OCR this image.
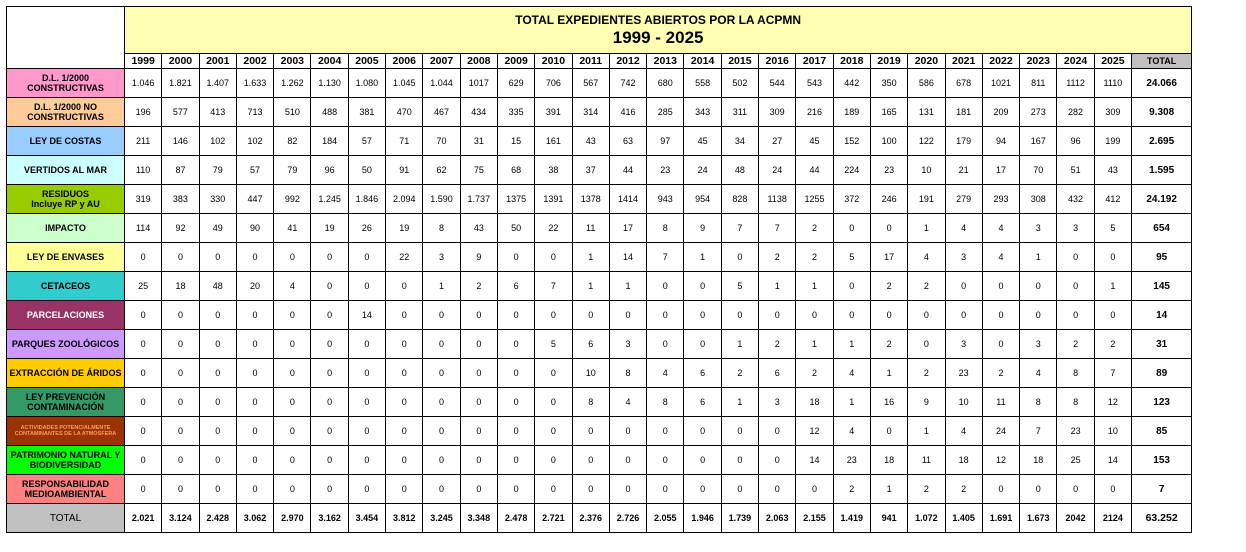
	TOTAL EXPEDIENTES ABIERTOS POR LA ACPMN
1999 - 2025																											

	1999	2000	2001	2002	2003	2004	2005	2006	2007	2008	2009	2010	2011	2012	2013	2014	2015	2016	2017	2018	2019	2020	2021	2022	2023	2024	2025	TOTAL

D.L. 1/2000
CONSTRUCTIVAS	1.046	1.821	1.407	1.633	1.262	1.130	1.080	1.045	1.044	1017	629	706	567	742	680	558	502	544	543	442	350	586	678	1021	811	1112	1110	24.066

D.L. 1/2000 NO
CONSTRUCTIVAS	196	577	413	713	510	488	381	470	467	434	335	391	314	416	285	343	311	309	216	189	165	131	181	209	273	282	309	9.308

LEY DE COSTAS	211	146	102	102	82	184	57	71	70	31	15	161	43	63	97	45	34	27	45	152	100	122	179	94	167	96	199	2.695

VERTIDOS AL MAR	110	87	79	57	79	96	50	91	62	75	68	38	37	44	23	24	48	24	44	224	23	10	21	17	70	51	43	1.595

RESIDUOS
Incluye RP y AU	319	383	330	447	992	1.245	1.846	2.094	1.590	1.737	1375	1391	1378	1414	943	954	828	1138	1255	372	246	191	279	293	308	432	412	24.192

IMPACTO	114	92	49	90	41	19	26	19	8	43	50	22	11	17	8	9	7	7	2	0	0	1	4	4	3	3	5	654

LEY DE ENVASES	0	0	0	0	0	0	0	22	3	9	0	0	1	14	7	1	0	2	2	5	17	4	3	4	1	0	0	95

CETACEOS	25	18	48	20	4	0	0	0	1	2	6	7	1	1	0	0	5	1	1	0	2	2	0	0	0	0	1	145

PARCELACIONES	0	0	0	0	0	0	14	0	0	0	0	0	0	0	0	0	0	0	0	0	0	0	0	0	0	0	0	14

PARQUES ZOOLÓGICOS	0	0	0	0	0	0	0	0	0	0	0	5	6	3	0	0	1	2	1	1	2	0	3	0	3	2	2	31

EXTRACCIÓN DE ÁRIDOS	0	0	0	0	0	0	0	0	0	0	0	0	10	8	4	6	2	6	2	4	1	2	23	2	4	8	7	89

LEY PREVENCIÓN
CONTAMINACIÓN	0	0	0	0	0	0	0	0	0	0	0	0	8	4	8	6	1	3	18	1	16	9	10	11	8	8	12	123

ACTIVIDADES POTENCIALMENTE
CONTAMINANTES DE LA ATMOSFERA	0	0	0	0	0	0	0	0	0	0	0	0	0	0	0	0	0	0	12	4	0	1	4	24	7	23	10	85

PATRIMONIO NATURAL Y
BIODIVERSIDAD	0	0	0	0	0	0	0	0	0	0	0	0	0	0	0	0	0	0	14	23	18	11	18	12	18	25	14	153

RESPONSABILIDAD
MEDIOAMBIENTAL	0	0	0	0	0	0	0	0	0	0	0	0	0	0	0	0	0	0	0	2	1	2	2	0	0	0	0	7
TOTAL	2.021	3.124	2.428	3.062	2.970	3.162	3.454	3.812	3.245	3.348	2.478	2.721	2.376	2.726	2.055	1.946	1.739	2.063	2.155	1.419	941	1.072	1.405	1.691	1.673	2042	2124	63.252
